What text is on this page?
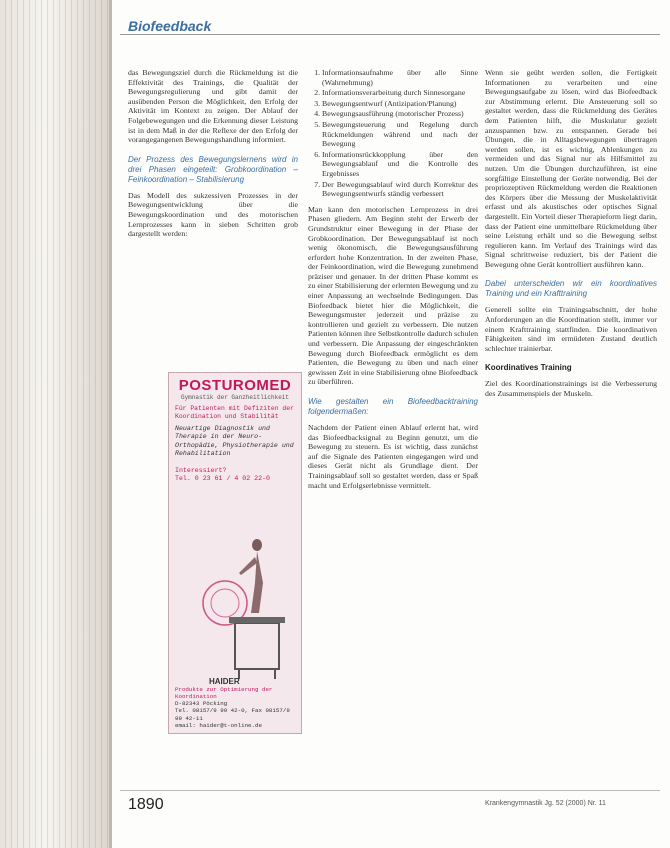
Biofeedback

das Bewegungsziel durch die Rückmeldung ist die Effektivität des Trainings, die Qualität der Bewegungsregulierung und gibt damit der ausübenden Person die Möglichkeit, den Erfolg der Aktivität im Kontext zu zeigen. Der Ablauf der Folgebewegungen und die Erkennung dieser Leistung ist in dem Maß in der die Reflexe der den Erfolg der vorangegangenen Bewegungshandlung informiert.

Der Prozess des Bewegungslernens wird in drei Phasen eingeteilt: Grobkoordination – Feinkoordination – Stabilisierung

Das Modell des sukzessiven Prozesses in der Bewegungsentwicklung über die Bewegungskoordination und des motorischen Lernprozesses kann in sieben Schritten grob dargestellt werden:

POSTUROMED
Gymnastik der Ganzheitlichkeit
Für Patienten mit Defiziten der Koordination und Stabilität
Neuartige Diagnostik und Therapie in der Neuro-Orthopädie, Physiotherapie und Rehabilitation
Interessiert?
Tel. 0 23 61 / 4 02 22-0
HAIDER
Produkte zur Optimierung der Koordination
D-82343 Pöcking
Tel. 08157/9 99 42-0, Fax 08157/9 99 42-11
email: haider@t-online.de
1. Informationsaufnahme über alle Sinne (Wahrnehmung)
2. Informationsverarbeitung durch Sinnesorgane
3. Bewegungsentwurf (Antizipation/Planung)
4. Bewegungsausführung (motorischer Prozess)
5. Bewegungsteuerung und Regelung durch Rückmeldungen während und nach der Bewegung
6. Informationsrückkopplung über den Bewegungsablauf und die Kontrolle des Ergebnisses
7. Der Bewegungsablauf wird durch Korrektur des Bewegungsentwurfs ständig verbessert

Man kann den motorischen Lernprozess in drei Phasen gliedern. Am Beginn steht der Erwerb der Grundstruktur einer Bewegung in der Phase der Grobkoordination. Der Bewegungsablauf ist noch wenig ökonomisch, die Bewegungsausführung erfordert hohe Konzentration. In der zweiten Phase, der Feinkoordination, wird die Bewegung zunehmend präziser und genauer. In der dritten Phase kommt es zu einer Stabilisierung der erlernten Bewegung und zu einer Anpassung an wechselnde Bedingungen. Das Biofeedback bietet hier die Möglichkeit, die Bewegungsmuster jederzeit und präzise zu kontrollieren und gezielt zu verbessern. Die nutzen Patienten können ihre Selbstkontrolle dadurch schulen und verbessern. Die Anpassung der eingeschränkten Bewegung durch Biofeedback ermöglicht es dem Patienten, die Bewegung zu üben und nach einer gewissen Zeit in eine Stabilisierung ohne Biofeedback zu überführen.

Wie gestalten ein Biofeedbacktraining folgendermaßen:

Nachdem der Patient einen Ablauf erlernt hat, wird das Biofeedbacksignal zu Beginn genutzt, um die Bewegung zu steuern. Es ist wichtig, dass zunächst auf die Signale des Patienten eingegangen wird und dieses Gerät nicht als Grundlage dient. Der Trainingsablauf soll so gestaltet werden, dass er Spaß macht und Erfolgserlebnisse vermittelt.

Wenn sie geübt werden sollen, die Fertigkeit Informationen zu verarbeiten und eine Bewegungsaufgabe zu lösen, wird das Biofeedback zur Abstimmung erlernt. Die Ansteuerung soll so gestaltet werden, dass die Rückmeldung des Gerätes dem Patienten hilft, die Muskulatur gezielt anzuspannen bzw. zu entspannen. Gerade bei Übungen, die in Alltagsbewegungen übertragen werden sollen, ist es wichtig, Ablenkungen zu vermeiden und das Signal nur als Hilfsmittel zu nutzen. Um die Übungen durchzuführen, ist eine sorgfältige Einstellung der Geräte notwendig. Bei der propriozeptiven Rückmeldung werden die Reaktionen des Körpers über die Messung der Muskelaktivität erfasst und als akustisches oder optisches Signal dargestellt. Ein Vorteil dieser Therapieform liegt darin, dass der Patient eine unmittelbare Rückmeldung über seine Leistung erhält und so die Bewegung selbst regulieren kann. Im Verlauf des Trainings wird das Signal schrittweise reduziert, bis der Patient die Bewegung ohne Gerät kontrolliert ausführen kann.

Dabei unterscheiden wir ein koordinatives Training und ein Krafttraining

Generell sollte ein Trainingsabschnitt, der hohe Anforderungen an die Koordination stellt, immer vor einem Krafttraining stattfinden. Die koordinativen Fähigkeiten sind im ermüdeten Zustand deutlich schlechter trainierbar.

Koordinatives Training

Ziel des Koordinationstrainings ist die Verbesserung des Zusammenspiels der Muskeln.

1890	Krankengymnastik Jg. 52 (2000) Nr. 11
